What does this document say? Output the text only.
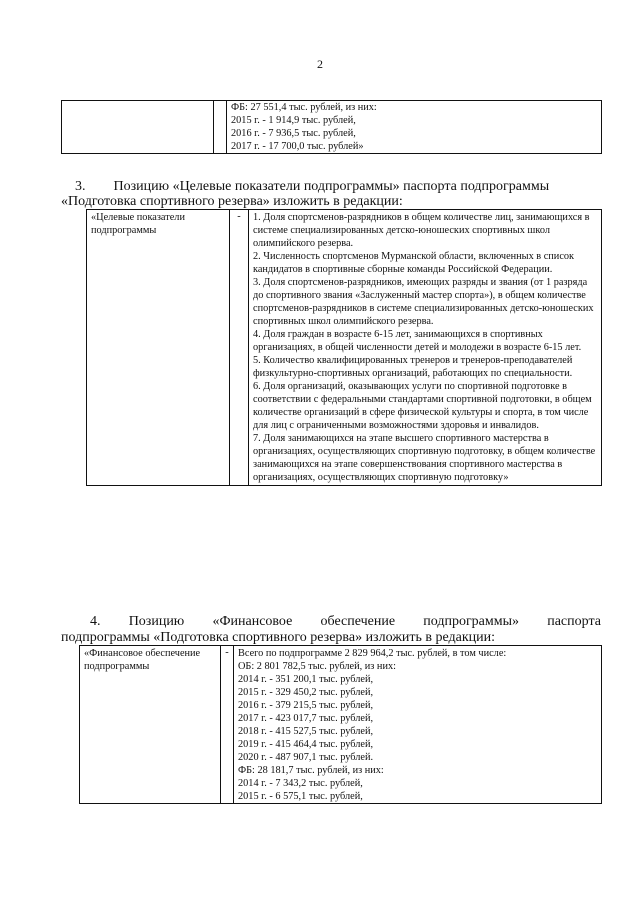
2

ФБ: 27 551,4 тыс. рублей, из них:
2015 г. - 1 914,9 тыс. рублей,
2016 г. - 7 936,5 тыс. рублей,
2017 г. - 17 700,0 тыс. рублей»
3.        Позицию «Целевые показатели подпрограммы» паспорта подпрограммы
«Подготовка спортивного резерва» изложить в редакции:
«Целевые показатели подпрограммы	-	1. Доля спортсменов-разрядников в общем количестве лиц, занимающихся в системе специализированных детско-юношеских спортивных школ олимпийского резерва.
2. Численность спортсменов Мурманской области, включенных в список кандидатов в спортивные сборные команды Российской Федерации.
3. Доля спортсменов-разрядников, имеющих разряды и звания (от 1 разряда до спортивного звания «Заслуженный мастер спорта»), в общем количестве спортсменов-разрядников в системе специализированных детско-юношеских спортивных школ олимпийского резерва.
4. Доля граждан в возрасте 6-15 лет, занимающихся в спортивных организациях, в общей численности детей и молодежи в возрасте 6-15 лет.
5. Количество квалифицированных тренеров и тренеров-преподавателей физкультурно-спортивных организаций, работающих по специальности.
6. Доля организаций, оказывающих услуги по спортивной подготовке в соответствии с федеральными стандартами спортивной подготовки, в общем количестве организаций в сфере физической культуры и спорта, в том числе для лиц с ограниченными возможностями здоровья и инвалидов.
7. Доля занимающихся на этапе высшего спортивного мастерства в организациях, осуществляющих спортивную подготовку, в общем количестве занимающихся на этапе совершенствования спортивного мастерства в организациях, осуществляющих спортивную подготовку»
4. Позицию «Финансовое обеспечение подпрограммы» паспорта
подпрограммы «Подготовка спортивного резерва» изложить в редакции:
«Финансовое обеспечение подпрограммы	-	Всего по подпрограмме 2 829 964,2 тыс. рублей, в том числе:
ОБ: 2 801 782,5 тыс. рублей, из них:
2014 г. - 351 200,1 тыс. рублей,
2015 г. - 329 450,2 тыс. рублей,
2016 г. - 379 215,5 тыс. рублей,
2017 г. - 423 017,7 тыс. рублей,
2018 г. - 415 527,5 тыс. рублей,
2019 г. - 415 464,4 тыс. рублей,
2020 г. - 487 907,1 тыс. рублей.
ФБ: 28 181,7 тыс. рублей, из них:
2014 г. - 7 343,2 тыс. рублей,
2015 г. - 6 575,1 тыс. рублей,
